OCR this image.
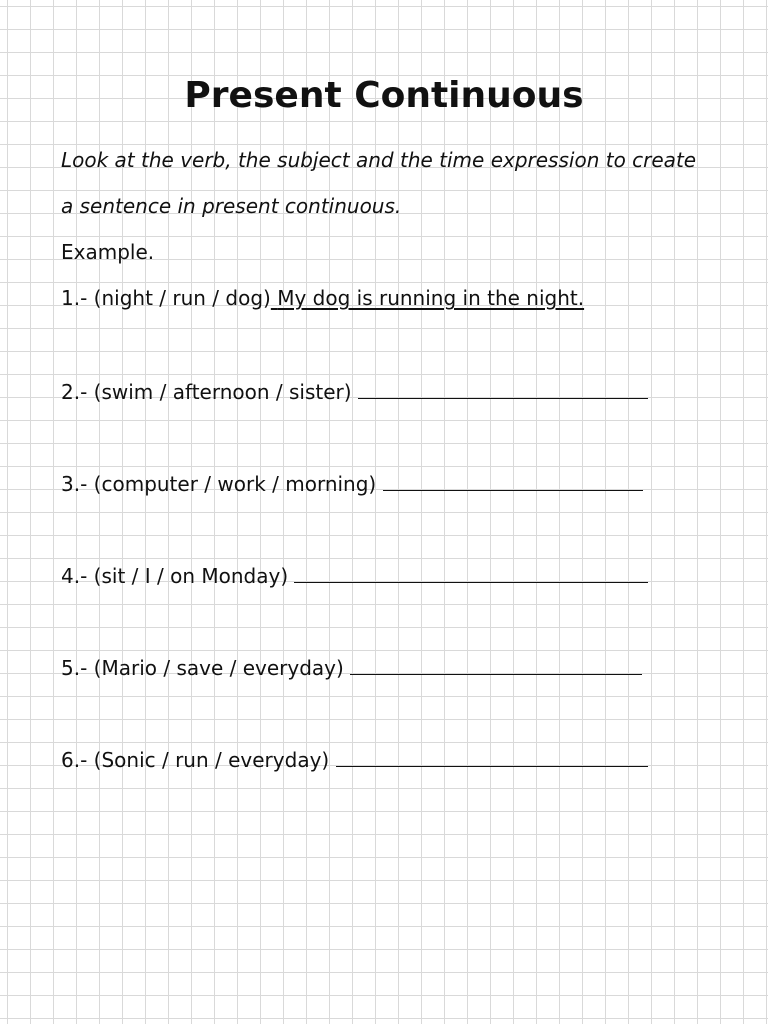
Present Continuous

Look at the verb, the subject and the time expression to create

a sentence in present continuous.

Example.

1.- (night / run / dog) My dog is running in the night.

2.- (swim / afternoon / sister)

3.- (computer / work / morning)

4.- (sit / I / on Monday)

5.- (Mario / save / everyday)

6.- (Sonic / run / everyday)
